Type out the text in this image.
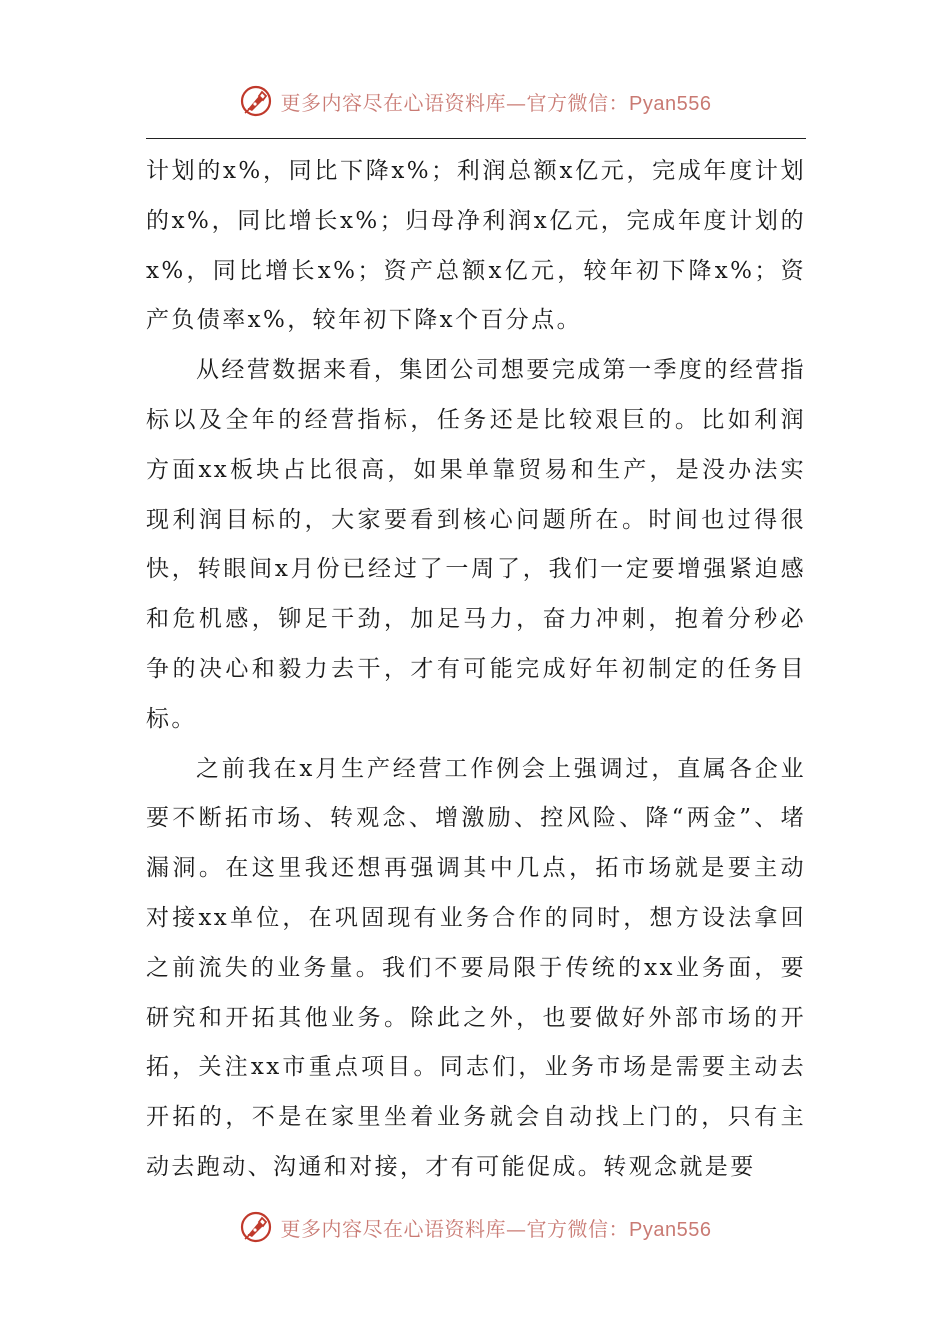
更多内容尽在心语资料库—官方微信：Pyan556

计划的x%，同比下降x%；利润总额x亿元，完成年度计划的x%，同比增长x%；归母净利润x亿元，完成年度计划的x%，同比增长x%；资产总额x亿元，较年初下降x%；资产负债率x%，较年初下降x个百分点。

从经营数据来看，集团公司想要完成第一季度的经营指标以及全年的经营指标，任务还是比较艰巨的。比如利润方面xx板块占比很高，如果单靠贸易和生产，是没办法实现利润目标的，大家要看到核心问题所在。时间也过得很快，转眼间x月份已经过了一周了，我们一定要增强紧迫感和危机感，铆足干劲，加足马力，奋力冲刺，抱着分秒必争的决心和毅力去干，才有可能完成好年初制定的任务目标。

之前我在x月生产经营工作例会上强调过，直属各企业要不断拓市场、转观念、增激励、控风险、降“两金”、堵漏洞。在这里我还想再强调其中几点，拓市场就是要主动对接xx单位，在巩固现有业务合作的同时，想方设法拿回之前流失的业务量。我们不要局限于传统的xx业务面，要研究和开拓其他业务。除此之外，也要做好外部市场的开拓，关注xx市重点项目。同志们，业务市场是需要主动去开拓的，不是在家里坐着业务就会自动找上门的，只有主动去跑动、沟通和对接，才有可能促成。转观念就是要

更多内容尽在心语资料库—官方微信：Pyan556
